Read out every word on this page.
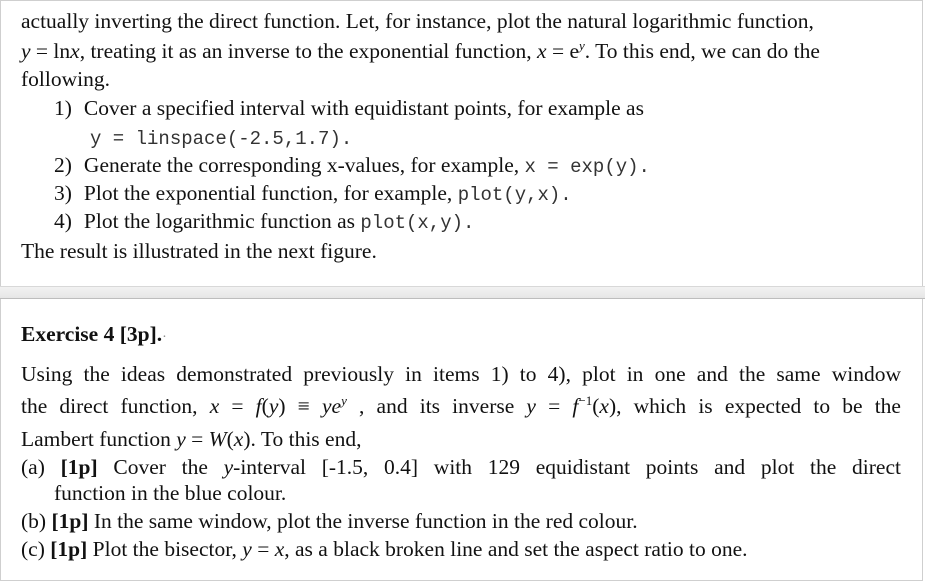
actually inverting the direct function. Let, for instance, plot the natural logarithmic function,
y = lnx, treating it as an inverse to the exponential function, $x = e^y$. To this end, we can do the
following.
1) Cover a specified interval with equidistant points, for example as
y = linspace(-2.5,1.7).
2) Generate the corresponding x-values, for example, x = exp(y).
3) Plot the exponential function, for example, plot(y,x).
4) Plot the logarithmic function as plot(x,y).
The result is illustrated in the next figure.
Exercise 4 [3p].·
Using the ideas demonstrated previously in items 1) to 4), plot in one and the same window
the direct function, $x = f(y) \equiv ye^y$ , and its inverse $y = f^{-1}(x)$, which is expected to be the
Lambert function y = W(x). To this end,
(a) [1p] Cover the y-interval [-1.5, 0.4] with 129 equidistant points and plot the direct
function in the blue colour.
(b) [1p] In the same window, plot the inverse function in the red colour.
(c) [1p] Plot the bisector, y = x, as a black broken line and set the aspect ratio to one.
